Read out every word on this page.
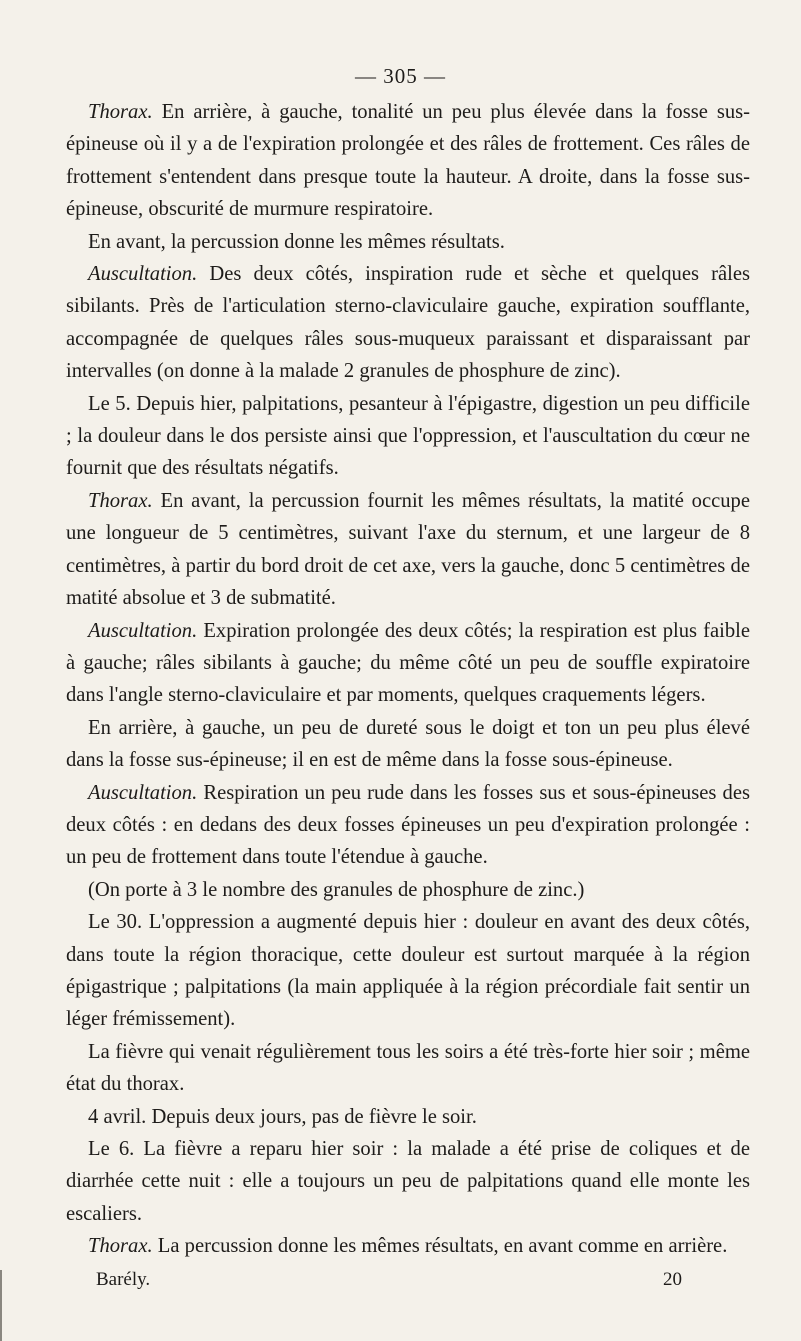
— 305 —

Thorax. En arrière, à gauche, tonalité un peu plus élevée dans la fosse sus-épineuse où il y a de l'expiration prolongée et des râles de frottement. Ces râles de frottement s'entendent dans presque toute la hauteur. A droite, dans la fosse sus-épineuse, obscurité de murmure respiratoire.

En avant, la percussion donne les mêmes résultats.

Auscultation. Des deux côtés, inspiration rude et sèche et quelques râles sibilants. Près de l'articulation sterno-claviculaire gauche, expiration soufflante, accompagnée de quelques râles sous-muqueux paraissant et disparaissant par intervalles (on donne à la malade 2 granules de phosphure de zinc).

Le 5. Depuis hier, palpitations, pesanteur à l'épigastre, digestion un peu difficile ; la douleur dans le dos persiste ainsi que l'oppression, et l'auscultation du cœur ne fournit que des résultats négatifs.

Thorax. En avant, la percussion fournit les mêmes résultats, la matité occupe une longueur de 5 centimètres, suivant l'axe du sternum, et une largeur de 8 centimètres, à partir du bord droit de cet axe, vers la gauche, donc 5 centimètres de matité absolue et 3 de submatité.

Auscultation. Expiration prolongée des deux côtés; la respiration est plus faible à gauche; râles sibilants à gauche; du même côté un peu de souffle expiratoire dans l'angle sterno-claviculaire et par moments, quelques craquements légers.

En arrière, à gauche, un peu de dureté sous le doigt et ton un peu plus élevé dans la fosse sus-épineuse; il en est de même dans la fosse sous-épineuse.

Auscultation. Respiration un peu rude dans les fosses sus et sous-épineuses des deux côtés : en dedans des deux fosses épineuses un peu d'expiration prolongée : un peu de frottement dans toute l'étendue à gauche.

(On porte à 3 le nombre des granules de phosphure de zinc.)

Le 30. L'oppression a augmenté depuis hier : douleur en avant des deux côtés, dans toute la région thoracique, cette douleur est surtout marquée à la région épigastrique ; palpitations (la main appliquée à la région précordiale fait sentir un léger frémissement).

La fièvre qui venait régulièrement tous les soirs a été très-forte hier soir ; même état du thorax.

4 avril. Depuis deux jours, pas de fièvre le soir.

Le 6. La fièvre a reparu hier soir : la malade a été prise de coliques et de diarrhée cette nuit : elle a toujours un peu de palpitations quand elle monte les escaliers.

Thorax. La percussion donne les mêmes résultats, en avant comme en arrière.

Barély.	20
